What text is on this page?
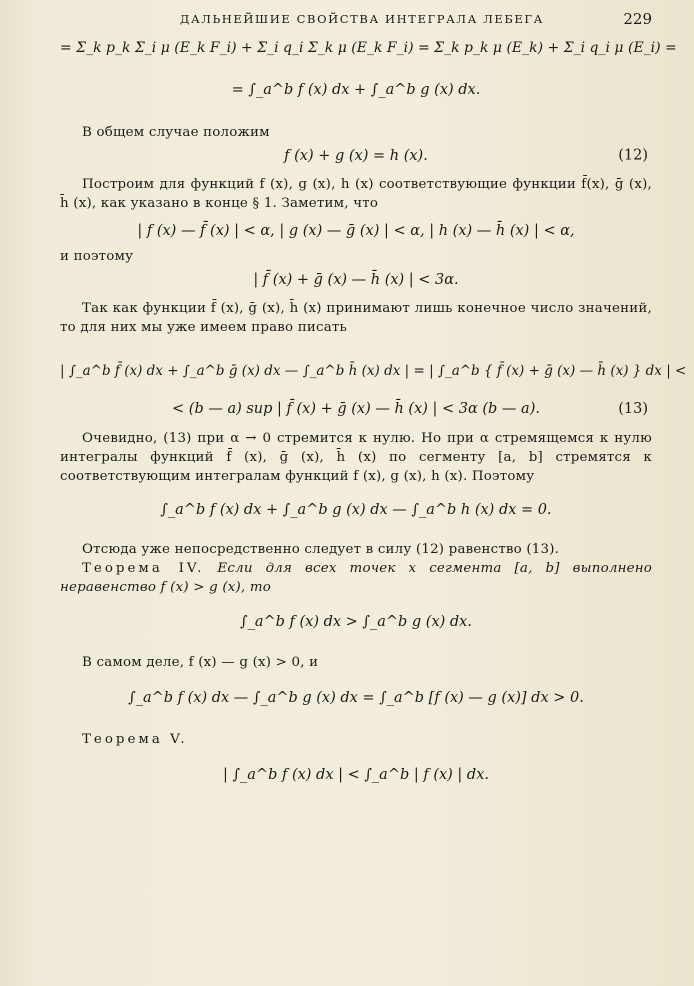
ДАЛЬНЕЙШИЕ СВОЙСТВА ИНТЕГРАЛА ЛЕБЕГА	229
= Σ_k p_k Σ_i μ (E_k F_i) + Σ_i q_i Σ_k μ (E_k F_i) = Σ_k p_k μ (E_k) + Σ_i q_i μ (E_i) =
= ∫_a^b f (x) dx + ∫_a^b g (x) dx.
В общем случае положим
f (x) + g (x) = h (x).	(12)
Построим для функций f (x), g (x), h (x) соответствующие функции f̄(x), ḡ (x), h̄ (x), как указано в конце § 1. Заметим, что
| f (x) — f̄ (x) | < α, | g (x) — ḡ (x) | < α, | h (x) — h̄ (x) | < α,
и поэтому
| f̄ (x) + ḡ (x) — h̄ (x) | < 3α.
Так как функции f̄ (x), ḡ (x), h̄ (x) принимают лишь конечное число значений, то для них мы уже имеем право писать
| ∫_a^b f̄ (x) dx + ∫_a^b ḡ (x) dx — ∫_a^b h̄ (x) dx | = | ∫_a^b { f̄ (x) + ḡ (x) — h̄ (x) } dx | <
< (b — a) sup | f̄ (x) + ḡ (x) — h̄ (x) | < 3α (b — a).	(13)
Очевидно, (13) при α → 0 стремится к нулю. Но при α стремящемся к нулю интегралы функций f̄ (x), ḡ (x), h̄ (x) по сегменту [a, b] стремятся к соответствующим интегралам функций f (x), g (x), h (x). Поэтому
∫_a^b f (x) dx + ∫_a^b g (x) dx — ∫_a^b h (x) dx = 0.
Отсюда уже непосредственно следует в силу (12) равенство (13).
Теорема IV. Если для всех точек x сегмента [a, b] выполнено неравенство f (x) > g (x), то
∫_a^b f (x) dx > ∫_a^b g (x) dx.
В самом деле, f (x) — g (x) > 0, и
∫_a^b f (x) dx — ∫_a^b g (x) dx = ∫_a^b [f (x) — g (x)] dx > 0.
Теорема V.
| ∫_a^b f (x) dx | < ∫_a^b | f (x) | dx.
